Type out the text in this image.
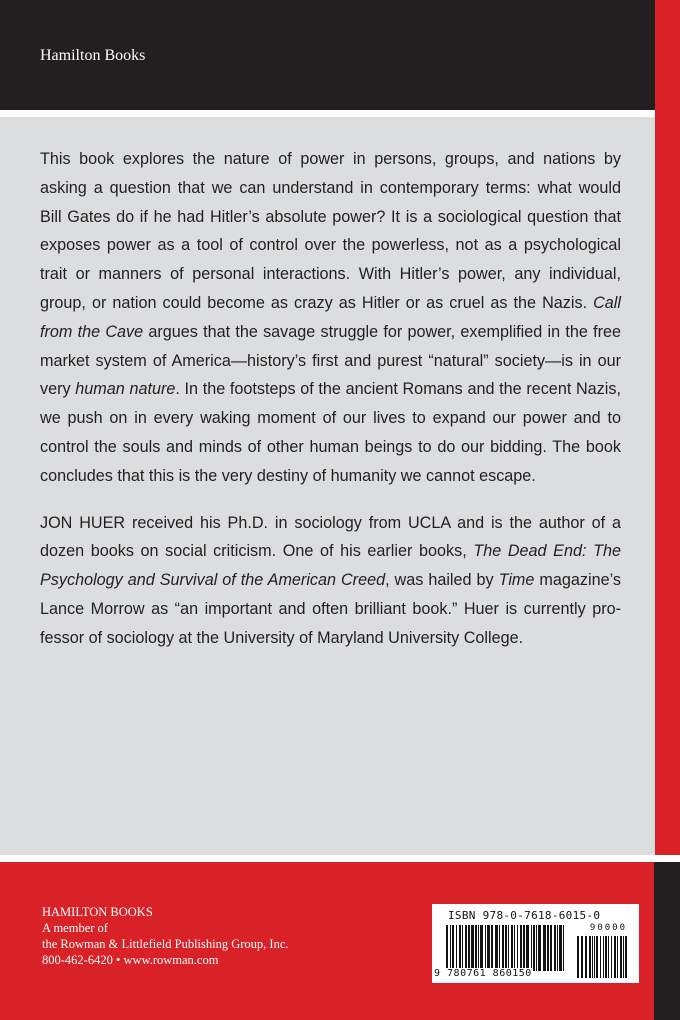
Hamilton Books
This book explores the nature of power in persons, groups, and nations by
asking a question that we can understand in contemporary terms: what would
Bill Gates do if he had Hitler’s absolute power? It is a sociological question that
exposes power as a tool of control over the powerless, not as a psychological
trait or manners of personal interactions. With Hitler’s power, any individual,
group, or nation could become as crazy as Hitler or as cruel as the Nazis. Call
from the Cave argues that the savage struggle for power, exemplified in the free
market system of America—history’s first and purest “natural” society—is in our
very human nature. In the footsteps of the ancient Romans and the recent Nazis,
we push on in every waking moment of our lives to expand our power and to
control the souls and minds of other human beings to do our bidding. The book
concludes that this is the very destiny of humanity we cannot escape.
JON HUER received his Ph.D. in sociology from UCLA and is the author of a
dozen books on social criticism. One of his earlier books, The Dead End: The
Psychology and Survival of the American Creed, was hailed by Time magazine’s
Lance Morrow as “an important and often brilliant book.” Huer is currently pro-
fessor of sociology at the University of Maryland University College.
HAMILTON BOOKS
A member of
the Rowman & Littlefield Publishing Group, Inc.
800-462-6420 • www.rowman.com
ISBN 978-0-7618-6015-0
90000
9 780761 860150
